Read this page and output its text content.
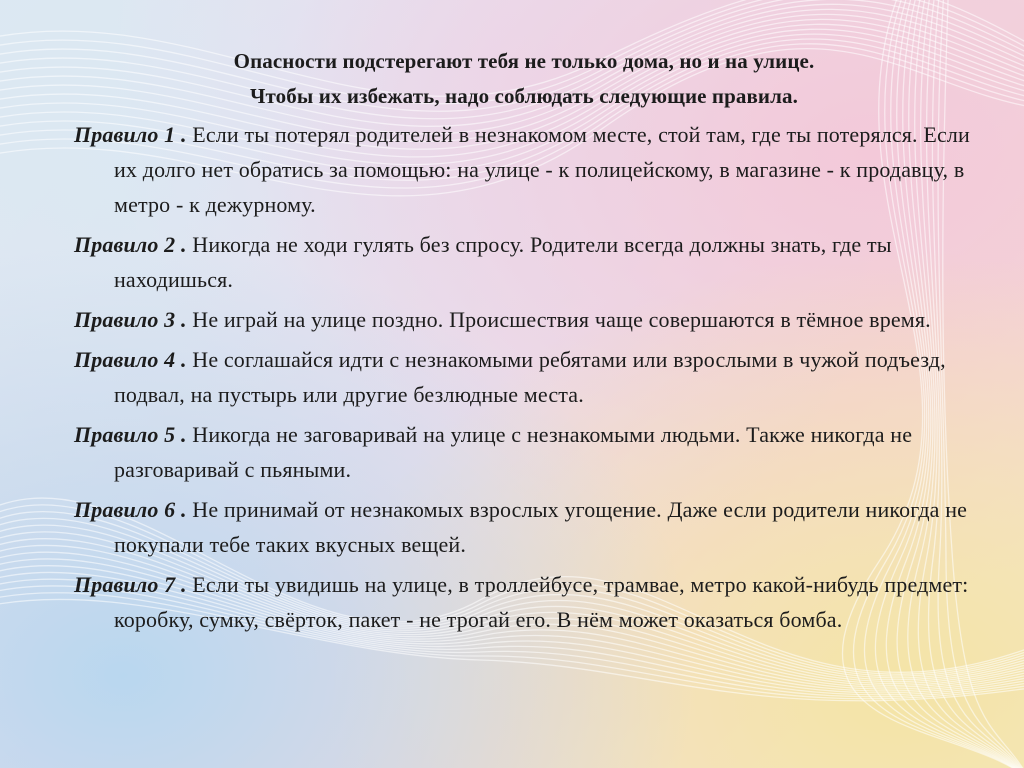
Опасности подстерегают тебя не только дома, но и на улице.
Чтобы их избежать, надо соблюдать следующие правила.
Правило 1 . Если ты потерял родителей в незнакомом месте, стой там, где ты потерялся. Если их долго нет обратись за помощью: на улице - к полицейскому, в магазине - к продавцу, в метро - к дежурному.
Правило 2 . Никогда не ходи гулять без спросу. Родители всегда должны знать, где ты находишься.
Правило 3 . Не играй на улице поздно. Происшествия чаще совершаются в тёмное время.
Правило 4 . Не соглашайся идти с незнакомыми ребятами или взрослыми в чужой подъезд, подвал, на пустырь или другие безлюдные места.
Правило 5 . Никогда не заговаривай на улице с незнакомыми людьми. Также никогда не разговаривай с пьяными.
Правило 6 . Не принимай от незнакомых взрослых угощение. Даже если родители никогда не покупали тебе таких вкусных вещей.
Правило 7 . Если ты увидишь на улице, в троллейбусе, трамвае, метро какой-нибудь предмет: коробку, сумку, свёрток, пакет - не трогай его. В нём может оказаться бомба.
